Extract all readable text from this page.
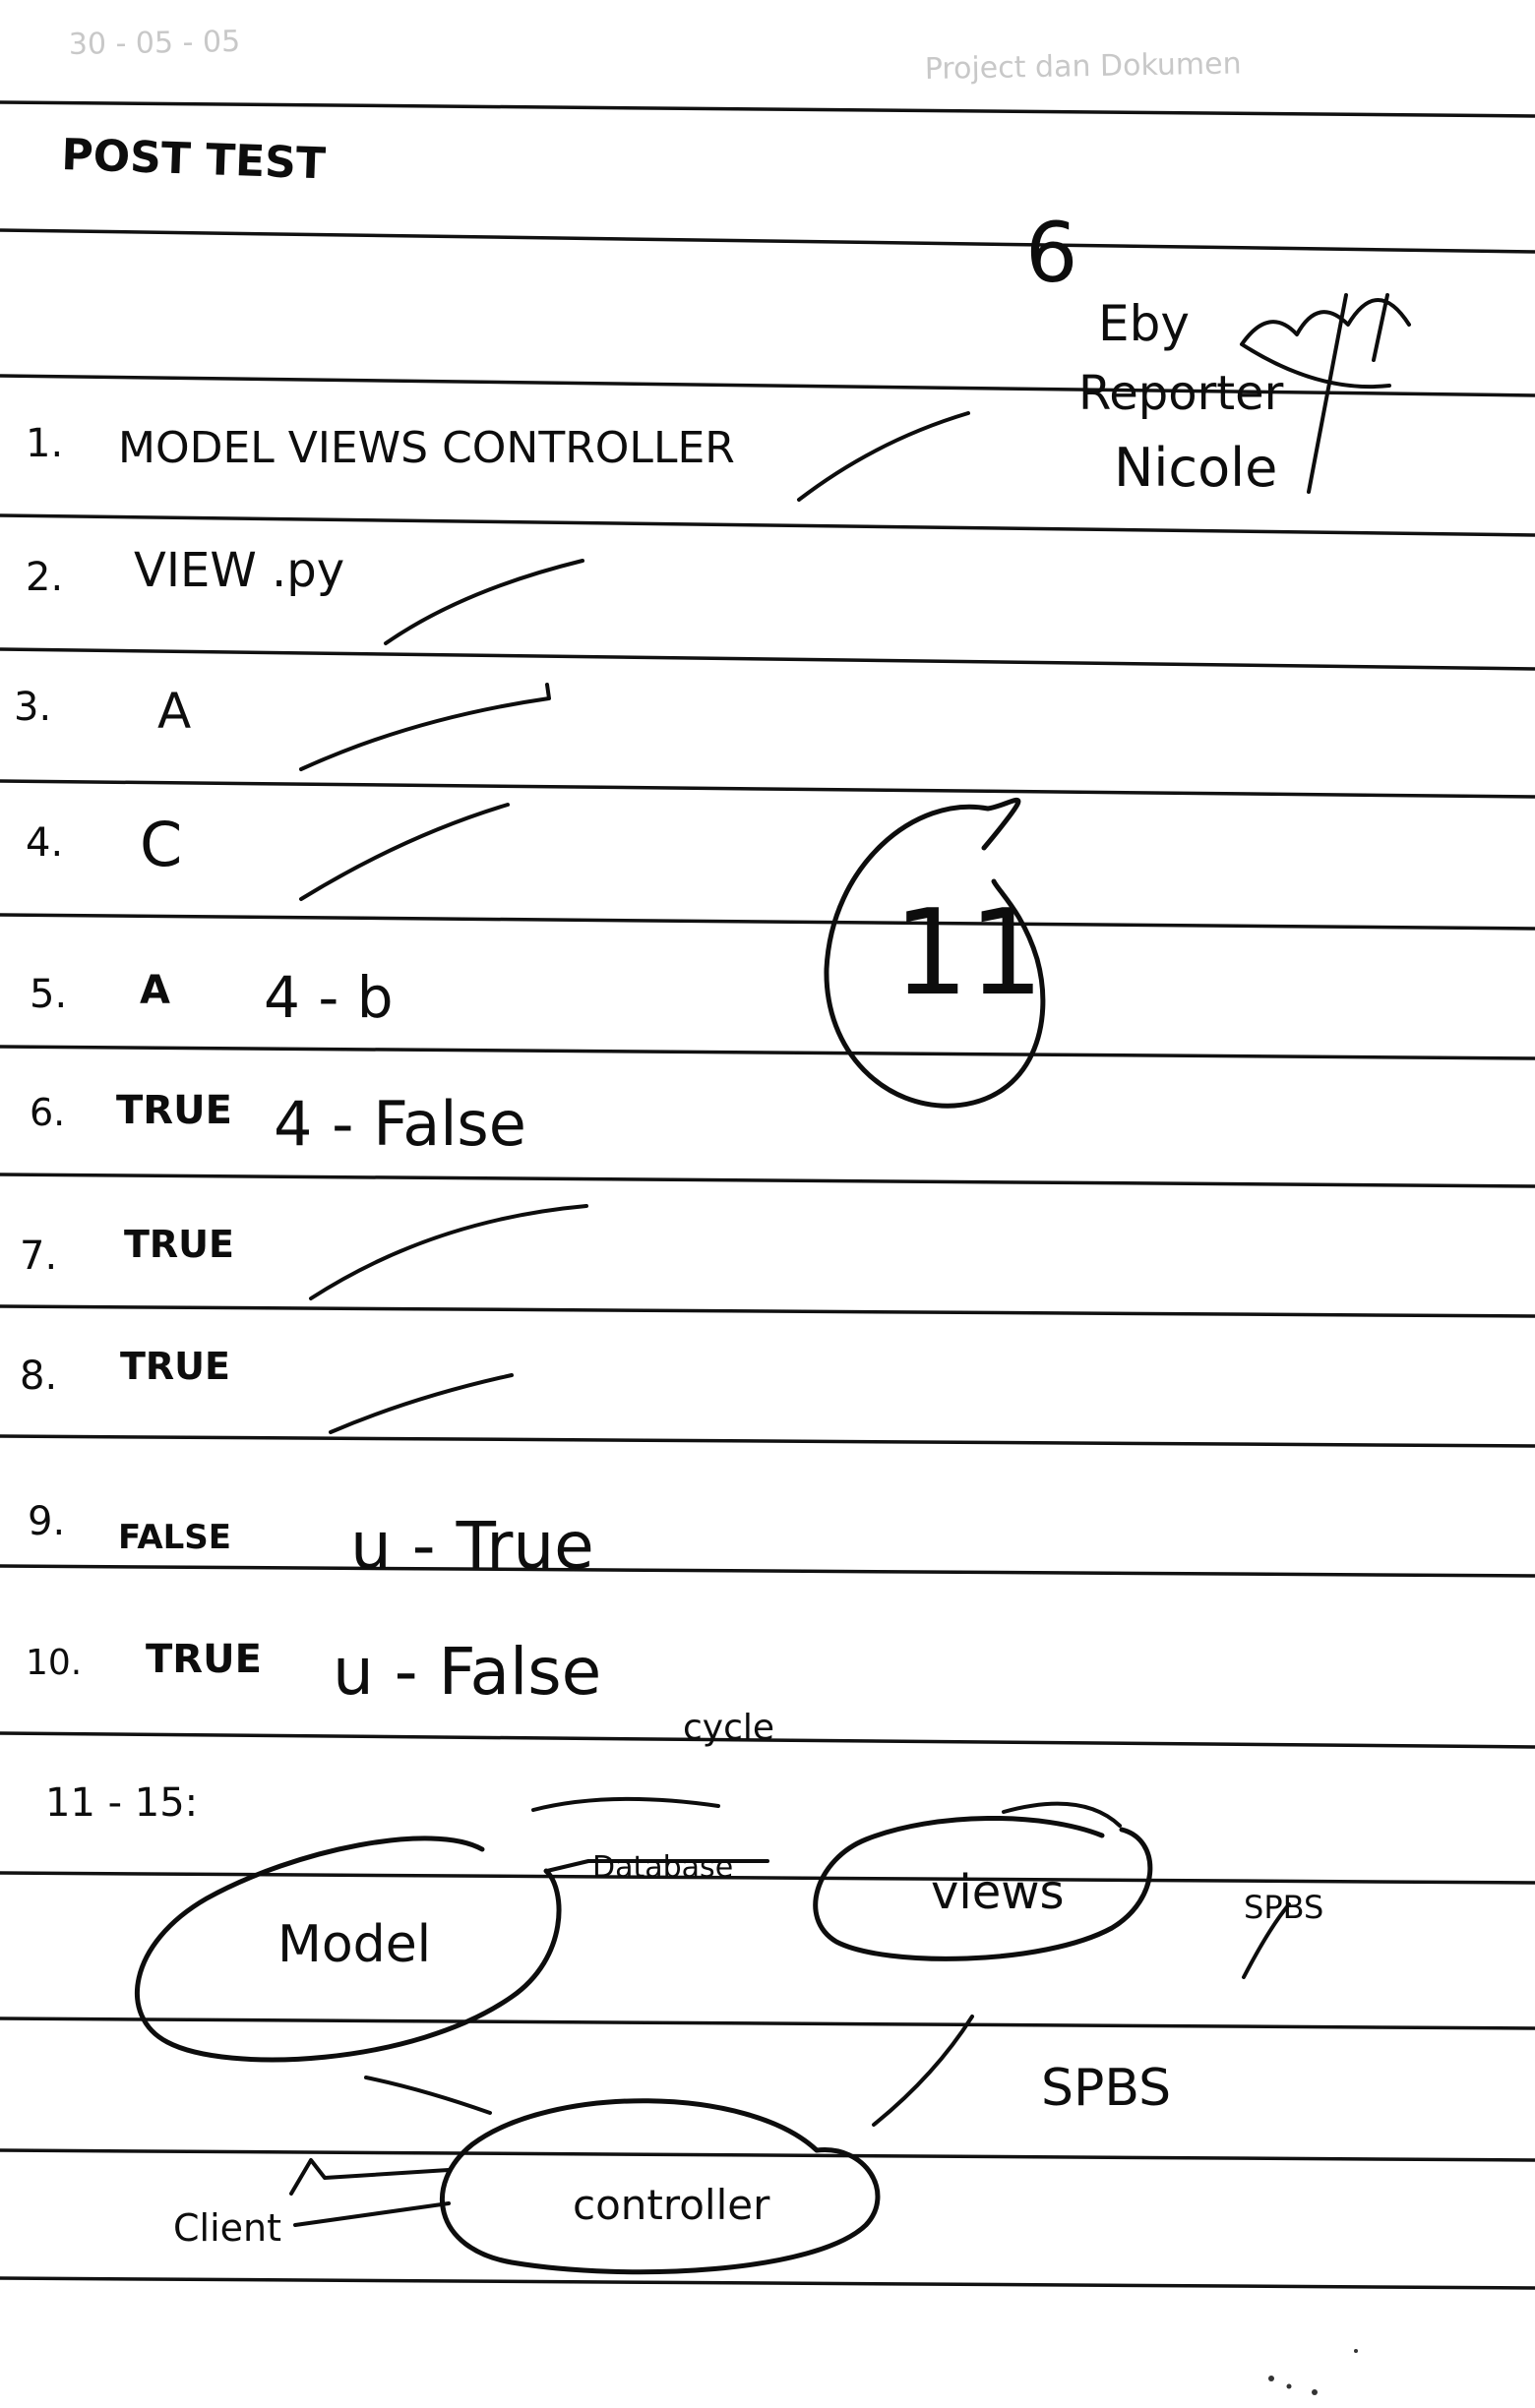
30 - 05 - 05
Project dan Dokumen
POST TEST
6
Eby
Reporter
Nicole
11
1. MODEL VIEWS CONTROLLER
2. VIEW .py
3. A
4. C
5. A 4 - b
6. TRUE 4 - False
7. TRUE
8. TRUE
9. FALSE u - True
10. TRUE u - False
11 - 15:
cycle
Model
views
controller
Database
SPBS
SPBS
Client
